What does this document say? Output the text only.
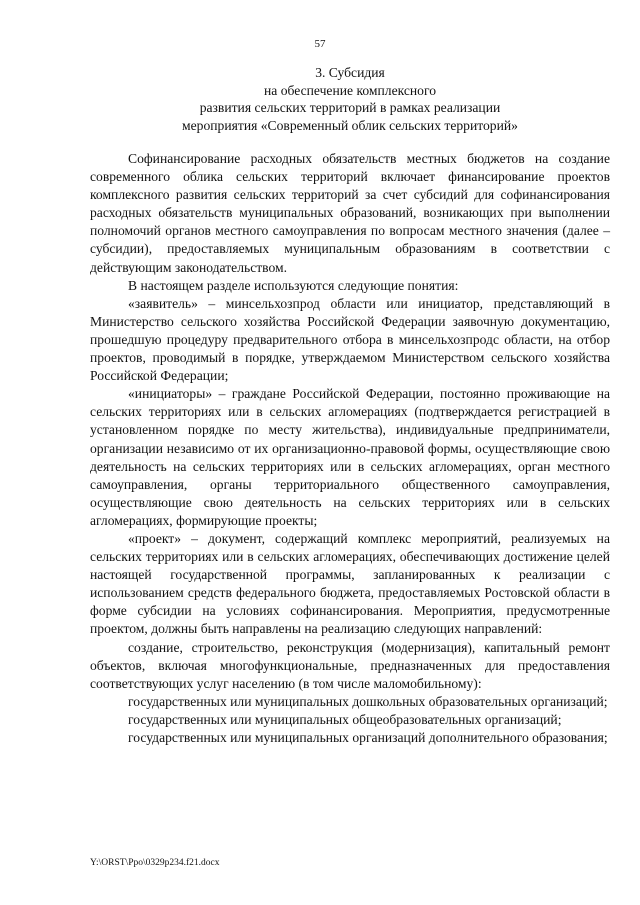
57
3. Субсидия
на обеспечение комплексного
развития сельских территорий в рамках реализации
мероприятия «Современный облик сельских территорий»

Софинансирование расходных обязательств местных бюджетов на создание современного облика сельских территорий включает финансирование проектов комплексного развития сельских территорий за счет субсидий для софинансирования расходных обязательств муниципальных образований, возникающих при выполнении полномочий органов местного самоуправления по вопросам местного значения (далее – субсидии), предоставляемых муниципальным образованиям в соответствии с действующим законодательством.

В настоящем разделе используются следующие понятия:

«заявитель» – минсельхозпрод области или инициатор, представляющий в Министерство сельского хозяйства Российской Федерации заявочную документацию, прошедшую процедуру предварительного отбора в минсельхозпродс области, на отбор проектов, проводимый в порядке, утверждаемом Министерством сельского хозяйства Российской Федерации;

«инициаторы» – граждане Российской Федерации, постоянно проживающие на сельских территориях или в сельских агломерациях (подтверждается регистрацией в установленном порядке по месту жительства), индивидуальные предприниматели, организации независимо от их организационно-правовой формы, осуществляющие свою деятельность на сельских территориях или в сельских агломерациях, орган местного самоуправления, органы территориального общественного самоуправления, осуществляющие свою деятельность на сельских территориях или в сельских агломерациях, формирующие проекты;

«проект» – документ, содержащий комплекс мероприятий, реализуемых на сельских территориях или в сельских агломерациях, обеспечивающих достижение целей настоящей государственной программы, запланированных к реализации с использованием средств федерального бюджета, предоставляемых Ростовской области в форме субсидии на условиях софинансирования. Мероприятия, предусмотренные проектом, должны быть направлены на реализацию следующих направлений:

создание, строительство, реконструкция (модернизация), капитальный ремонт объектов, включая многофункциональные, предназначенных для предоставления соответствующих услуг населению (в том числе маломобильному):

государственных или муниципальных дошкольных образовательных организаций;

государственных или муниципальных общеобразовательных организаций;

государственных или муниципальных организаций дополнительного образования;

Y:\ORST\Ppo\0329p234.f21.docx
